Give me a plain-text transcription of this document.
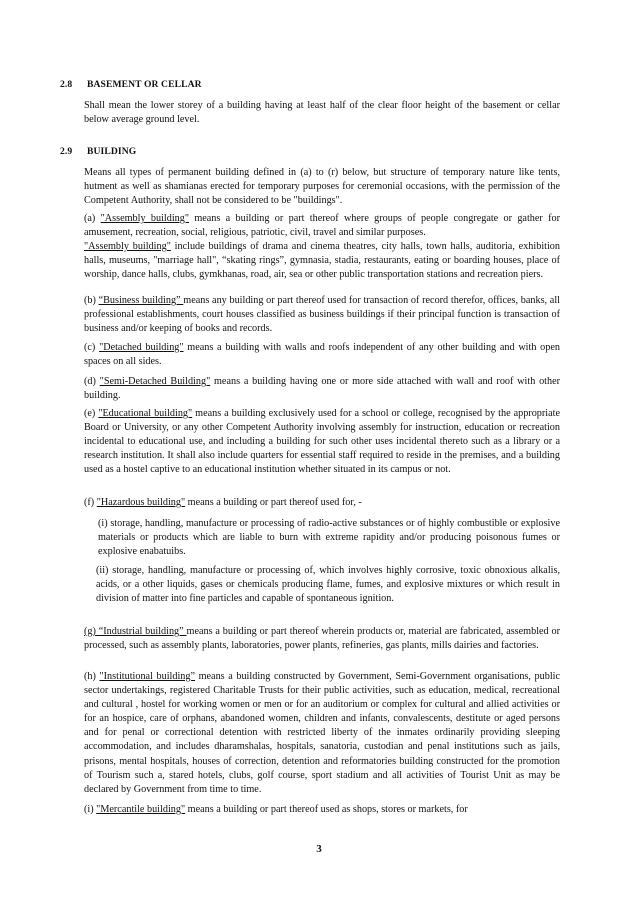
2.8 BASEMENT OR CELLAR

Shall mean the lower storey of a building having at least half of the clear floor height of the basement or cellar below average ground level.

2.9 BUILDING

Means all types of permanent building defined in (a) to (r) below, but structure of temporary nature like tents, hutment as well as shamianas erected for temporary purposes for ceremonial occasions, with the permission of the Competent Authority, shall not be considered to be "buildings".

(a) "Assembly building" means a building or part thereof where groups of people congregate or gather for amusement, recreation, social, religious, patriotic, civil, travel and similar purposes.

"Assembly building" include buildings of drama and cinema theatres, city halls, town halls, auditoria, exhibition halls, museums, "marriage hall", “skating rings”, gymnasia, stadia, restaurants, eating or boarding houses, place of worship, dance halls, clubs, gymkhanas, road, air, sea or other public transportation stations and recreation piers.

(b) “Business building” means any building or part thereof used for transaction of record therefor, offices, banks, all professional establishments, court houses classified as business buildings if their principal function is transaction of business and/or keeping of books and records.

(c) "Detached building" means a building with walls and roofs independent of any other building and with open spaces on all sides.

(d) "Semi-Detached Building" means a building having one or more side attached with wall and roof with other building.

(e) "Educational building" means a building exclusively used for a school or college, recognised by the appropriate Board or University, or any other Competent Authority involving assembly for instruction, education or recreation incidental to educational use, and including a building for such other uses incidental thereto such as a library or a research institution. It shall also include quarters for essential staff required to reside in the premises, and a building used as a hostel captive to an educational institution whether situated in its campus or not.

(f) "Hazardous building" means a building or part thereof used for, -

(i) storage, handling, manufacture or processing of radio-active substances or of highly combustible or explosive materials or products which are liable to burn with extreme rapidity and/or producing poisonous fumes or explosive enabatuibs.

(ii) storage, handling, manufacture or processing of, which involves highly corrosive, toxic obnoxious alkalis, acids, or a other liquids, gases or chemicals producing flame, fumes, and explosive mixtures or which result in division of matter into fine particles and capable of spontaneous ignition.

(g) “Industrial building” means a building or part thereof wherein products or, material are fabricated, assembled or processed, such as assembly plants, laboratories, power plants, refineries, gas plants, mills dairies and factories.

(h) "Institutional building” means a building constructed by Government, Semi-Government organisations, public sector undertakings, registered Charitable Trusts for their public activities, such as education, medical, recreational and cultural , hostel for working women or men or for an auditorium or complex for cultural and allied activities or for an hospice, care of orphans, abandoned women, children and infants, convalescents, destitute or aged persons and for penal or correctional detention with restricted liberty of the inmates ordinarily providing sleeping accommodation, and includes dharamshalas, hospitals, sanatoria, custodian and penal institutions such as jails, prisons, mental hospitals, houses of correction, detention and reformatories building constructed for the promotion of Tourism such a, stared hotels, clubs, golf course, sport stadium and all activities of Tourist Unit as may be declared by Government from time to time.

(i) "Mercantile building" means a building or part thereof used as shops, stores or markets, for

3
